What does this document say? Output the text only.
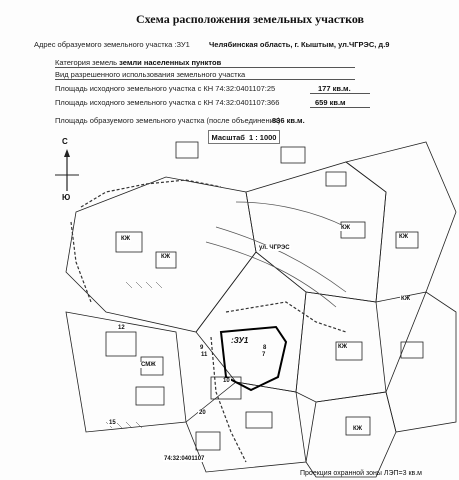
Схема расположения земельных участков
Адрес образуемого земельного участка :ЗУ1	Челябинская область, г. Кыштым, ул.ЧГРЭС, д.9
Категория земель земли населенных пунктов
Вид разрешенного использования земельного участка
Площадь исходного земельного участка с КН 74:32:0401107:25	177 кв.м.
Площадь исходного земельного участка с КН 74:32:0401107:366	659 кв.м
Площадь образуемого земельного участка (после объединения)
836 кв.м.
С
Ю
Масштаб 1 : 1000
:ЗУ1
74:32:0401107
ул. ЧГРЭС
КЖ
КЖ
КЖ
КЖ
КЖ
СМЖ
КЖ
КЖ
12
9
11
10
20
15
8
7
Проекция охранной зоны ЛЭП=3 кв.м
